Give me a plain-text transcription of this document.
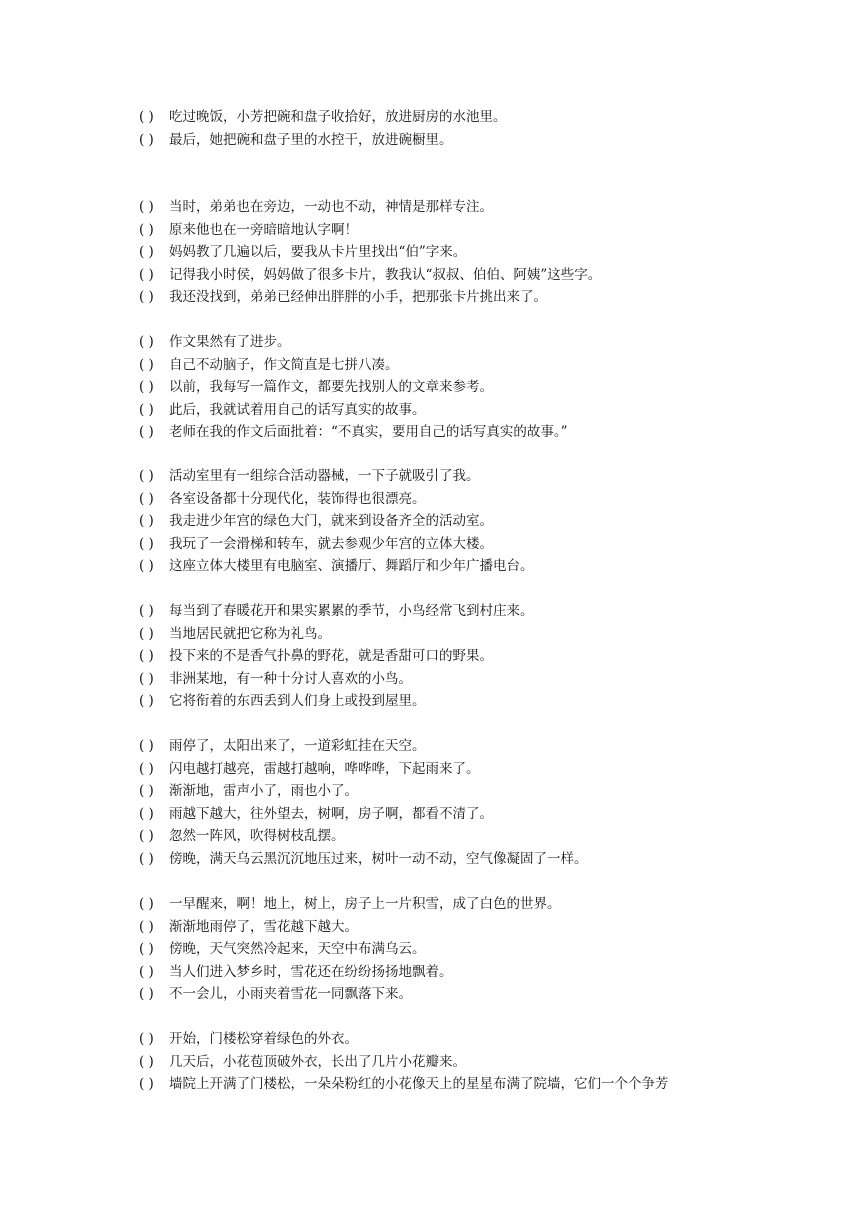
( )	吃过晚饭，小芳把碗和盘子收拾好，放进厨房的水池里。
( )	最后，她把碗和盘子里的水控干，放进碗橱里。
( )	当时，弟弟也在旁边，一动也不动，神情是那样专注。
( )	原来他也在一旁暗暗地认字啊！
( )	妈妈教了几遍以后，要我从卡片里找出“伯”字来。
( )	记得我小时侯，妈妈做了很多卡片，教我认“叔叔、伯伯、阿姨”这些字。
( )	我还没找到，弟弟已经伸出胖胖的小手，把那张卡片挑出来了。
( )	作文果然有了进步。
( )	自己不动脑子，作文简直是七拼八凑。
( )	以前，我每写一篇作文，都要先找别人的文章来参考。
( )	此后，我就试着用自己的话写真实的故事。
( )	老师在我的作文后面批着：“不真实，要用自己的话写真实的故事。”
( )	活动室里有一组综合活动器械，一下子就吸引了我。
( )	各室设备都十分现代化，装饰得也很漂亮。
( )	我走进少年宫的绿色大门，就来到设备齐全的活动室。
( )	我玩了一会滑梯和转车，就去参观少年宫的立体大楼。
( )	这座立体大楼里有电脑室、演播厅、舞蹈厅和少年广播电台。
( )	每当到了春暖花开和果实累累的季节，小鸟经常飞到村庄来。
( )	当地居民就把它称为礼鸟。
( )	投下来的不是香气扑鼻的野花，就是香甜可口的野果。
( )	非洲某地，有一种十分讨人喜欢的小鸟。
( )	它将衔着的东西丢到人们身上或投到屋里。
( )	雨停了，太阳出来了，一道彩虹挂在天空。
( )	闪电越打越亮，雷越打越响，哗哗哗，下起雨来了。
( )	渐渐地，雷声小了，雨也小了。
( )	雨越下越大，往外望去，树啊，房子啊，都看不清了。
( )	忽然一阵风，吹得树枝乱摆。
( )	傍晚，满天乌云黑沉沉地压过来，树叶一动不动，空气像凝固了一样。
( )	一早醒来，啊！地上，树上，房子上一片积雪，成了白色的世界。
( )	渐渐地雨停了，雪花越下越大。
( )	傍晚，天气突然冷起来，天空中布满乌云。
( )	当人们进入梦乡时，雪花还在纷纷扬扬地飘着。
( )	不一会儿，小雨夹着雪花一同飘落下来。
( )	开始，门楼松穿着绿色的外衣。
( )	几天后，小花苞顶破外衣，长出了几片小花瓣来。
( )	墙院上开满了门楼松，一朵朵粉红的小花像天上的星星布满了院墙，它们一个个争芳
